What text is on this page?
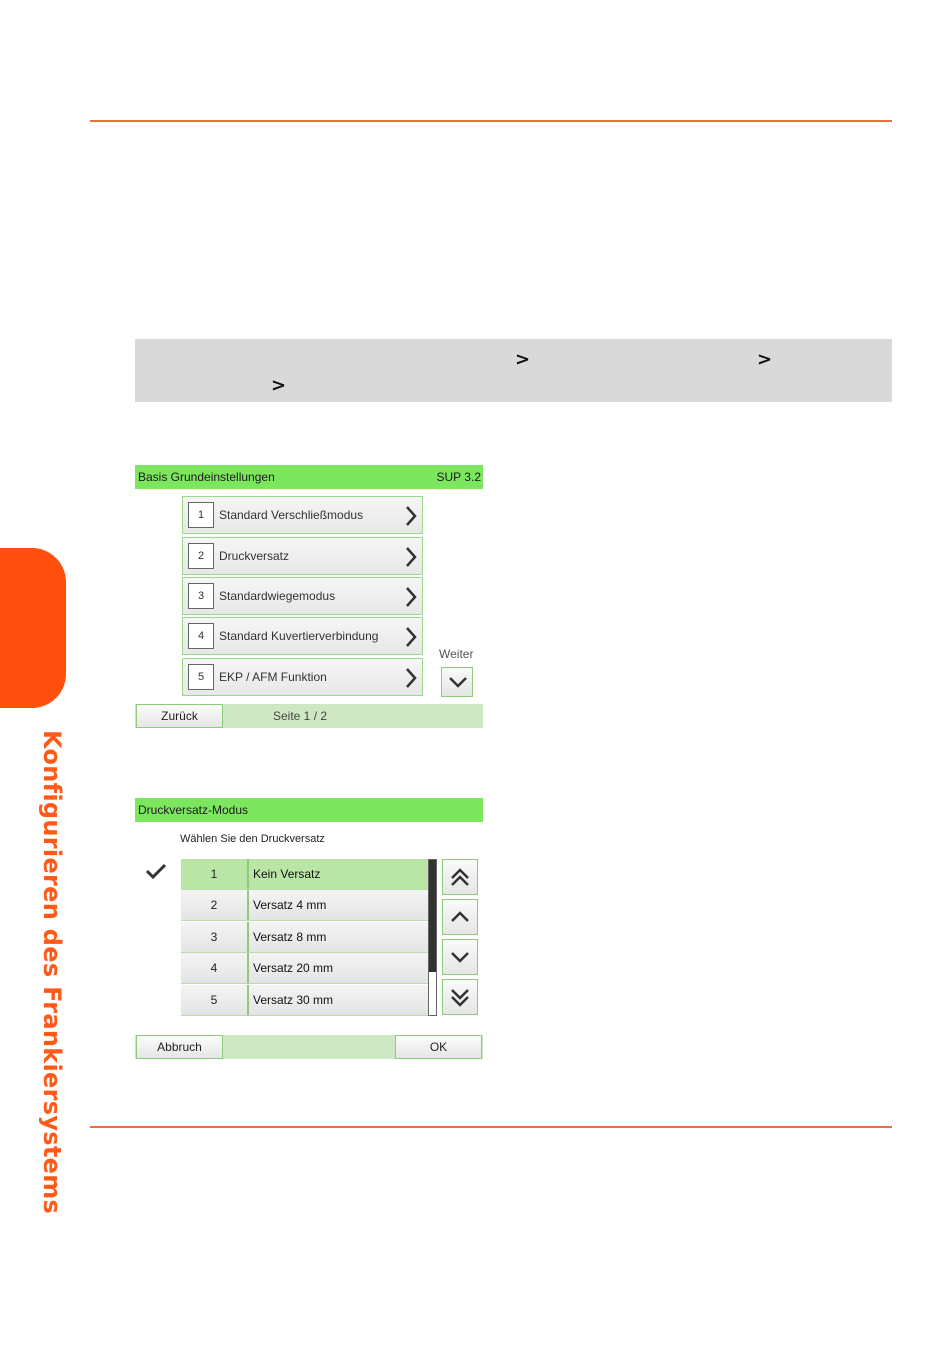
Konfigurieren des Frankiersystems
>	>
>
Basis Grundeinstellungen	SUP 3.2
1	Standard Verschließmodus
2	Druckversatz
3	Standardwiegemodus
4	Standard Kuvertierverbindung
5	EKP / AFM Funktion
Weiter
Zurück	Seite 1 / 2
Druckversatz-Modus
Wählen Sie den Druckversatz
1	Kein Versatz
2	Versatz 4 mm
3	Versatz 8 mm
4	Versatz 20 mm
5	Versatz 30 mm
Abbruch	OK
